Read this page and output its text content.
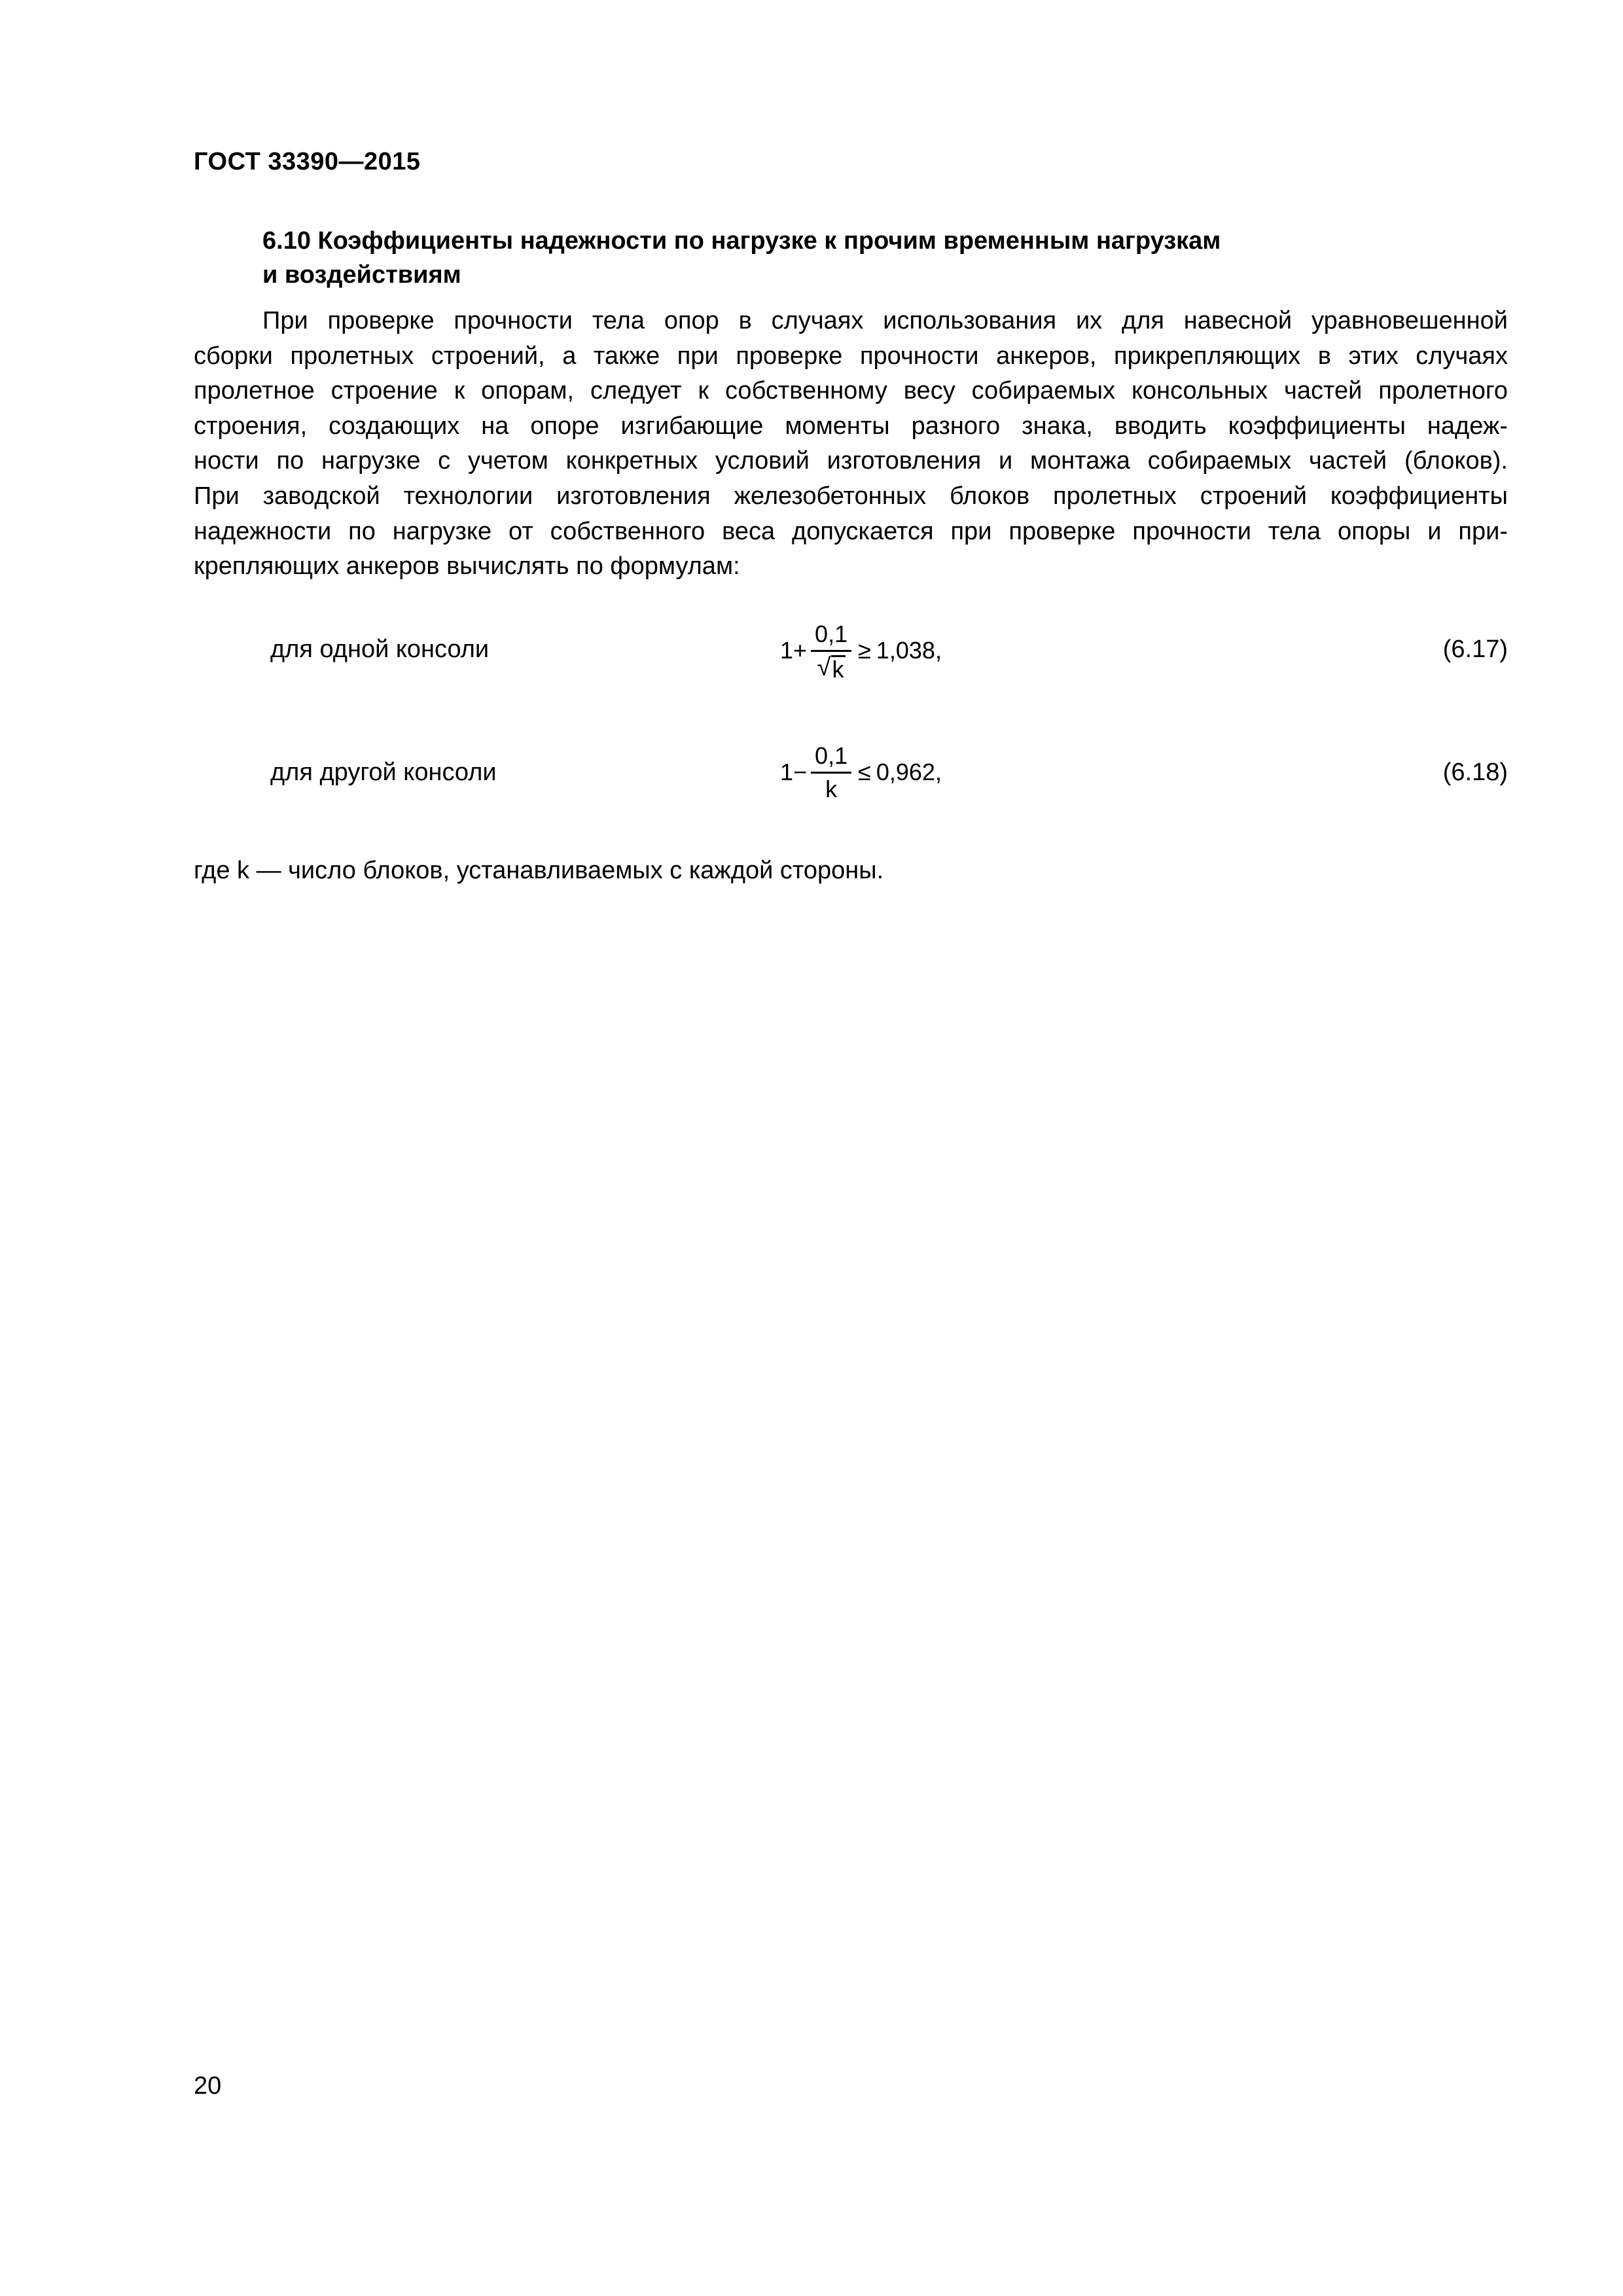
ГОСТ 33390—2015
6.10 Коэффициенты надежности по нагрузке к прочим временным нагрузкам
и воздействиям
При проверке прочности тела опор в случаях использования их для навесной уравновешенной
сборки пролетных строений, а также при проверке прочности анкеров, прикрепляющих в этих случаях
пролетное строение к опорам, следует к собственному весу собираемых консольных частей пролетного
строения, создающих на опоре изгибающие моменты разного знака, вводить коэффициенты надеж-
ности по нагрузке с учетом конкретных условий изготовления и монтажа собираемых частей (блоков).
При заводской технологии изготовления железобетонных блоков пролетных строений коэффициенты
надежности по нагрузке от собственного веса допускается при проверке прочности тела опоры и при-
крепляющих анкеров вычислять по формулам:
для одной консоли	$1+ \frac{0,1}{√ k} \ge 1,038$,	(6.17)
для другой консоли	$1- \frac{0,1}{k} \le 0,962$,	(6.18)
где k — число блоков, устанавливаемых с каждой стороны.
20
